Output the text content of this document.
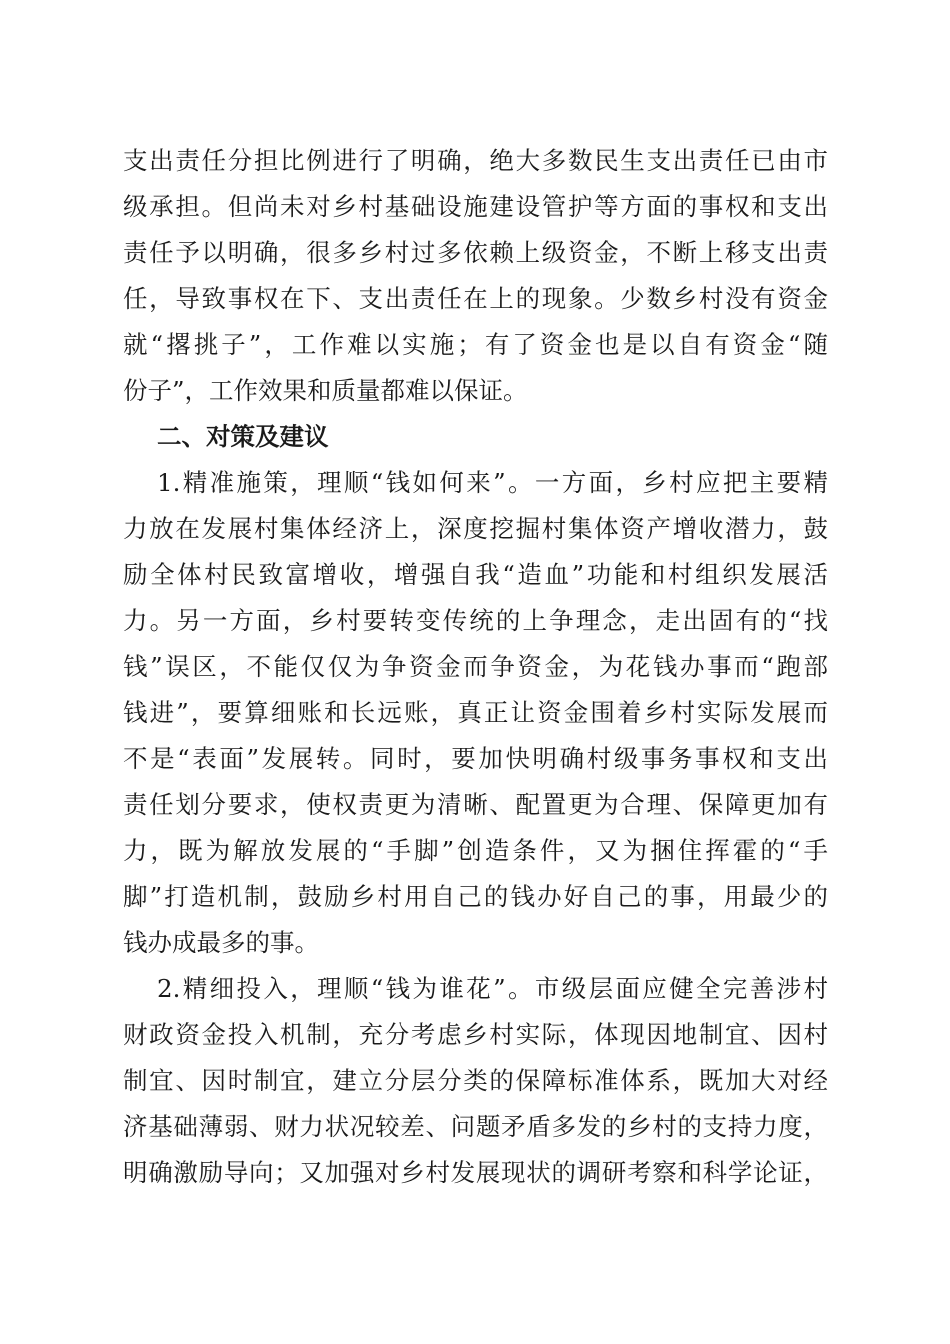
支出责任分担比例进行了明确，绝大多数民生支出责任已由市
级承担。但尚未对乡村基础设施建设管护等方面的事权和支出
责任予以明确，很多乡村过多依赖上级资金，不断上移支出责
任，导致事权在下、支出责任在上的现象。少数乡村没有资金
就“撂挑子”，工作难以实施；有了资金也是以自有资金“随
份子”，工作效果和质量都难以保证。
二、对策及建议
1.精准施策，理顺“钱如何来”。一方面，乡村应把主要精
力放在发展村集体经济上，深度挖掘村集体资产增收潜力，鼓
励全体村民致富增收，增强自我“造血”功能和村组织发展活
力。另一方面，乡村要转变传统的上争理念，走出固有的“找
钱”误区，不能仅仅为争资金而争资金，为花钱办事而“跑部
钱进”，要算细账和长远账，真正让资金围着乡村实际发展而
不是“表面”发展转。同时，要加快明确村级事务事权和支出
责任划分要求，使权责更为清晰、配置更为合理、保障更加有
力，既为解放发展的“手脚”创造条件，又为捆住挥霍的“手
脚”打造机制，鼓励乡村用自己的钱办好自己的事，用最少的
钱办成最多的事。
2.精细投入，理顺“钱为谁花”。市级层面应健全完善涉村
财政资金投入机制，充分考虑乡村实际，体现因地制宜、因村
制宜、因时制宜，建立分层分类的保障标准体系，既加大对经
济基础薄弱、财力状况较差、问题矛盾多发的乡村的支持力度，
明确激励导向；又加强对乡村发展现状的调研考察和科学论证，
